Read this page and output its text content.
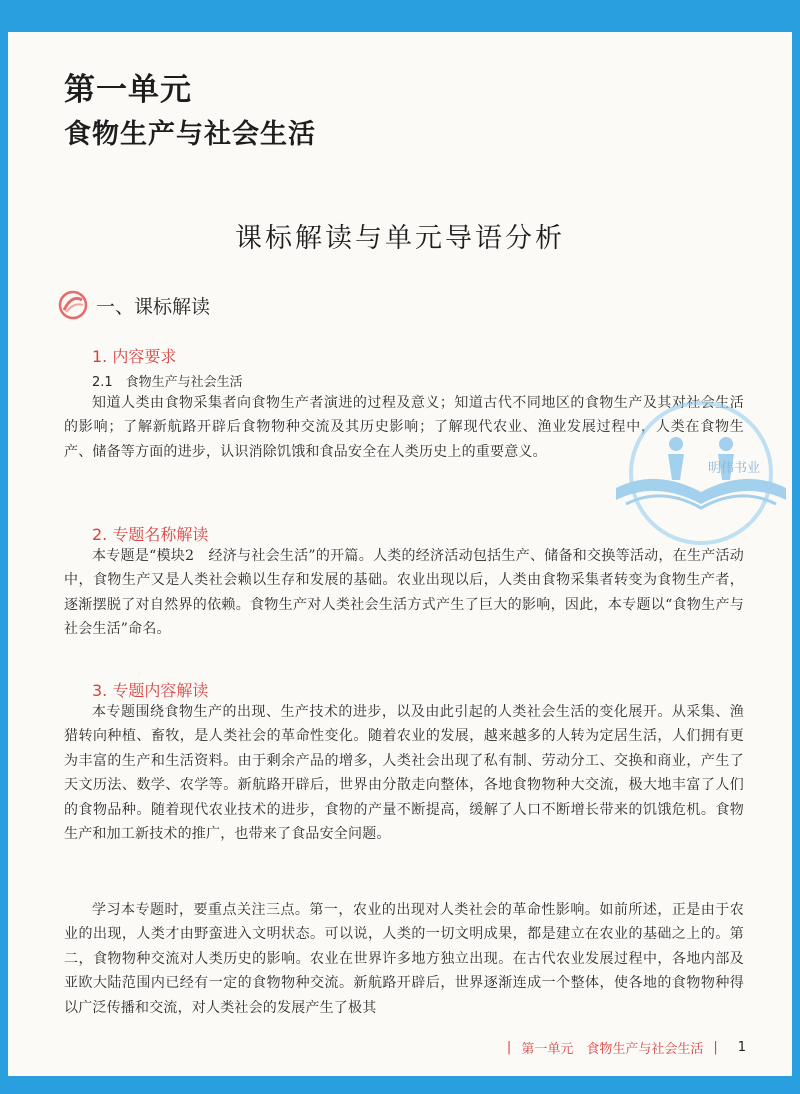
第一单元
食物生产与社会生活
课标解读与单元导语分析
一、课标解读
1. 内容要求
2.1　食物生产与社会生活

知道人类由食物采集者向食物生产者演进的过程及意义；知道古代不同地区的食物生产及其对社会生活的影响；了解新航路开辟后食物物种交流及其历史影响；了解现代农业、渔业发展过程中，人类在食物生产、储备等方面的进步，认识消除饥饿和食品安全在人类历史上的重要意义。

2. 专题名称解读

本专题是“模块2　经济与社会生活”的开篇。人类的经济活动包括生产、储备和交换等活动，在生产活动中，食物生产又是人类社会赖以生存和发展的基础。农业出现以后，人类由食物采集者转变为食物生产者，逐渐摆脱了对自然界的依赖。食物生产对人类社会生活方式产生了巨大的影响，因此，本专题以“食物生产与社会生活”命名。

3. 专题内容解读

本专题围绕食物生产的出现、生产技术的进步，以及由此引起的人类社会生活的变化展开。从采集、渔猎转向种植、畜牧，是人类社会的革命性变化。随着农业的发展，越来越多的人转为定居生活，人们拥有更为丰富的生产和生活资料。由于剩余产品的增多，人类社会出现了私有制、劳动分工、交换和商业，产生了天文历法、数学、农学等。新航路开辟后，世界由分散走向整体，各地食物物种大交流，极大地丰富了人们的食物品种。随着现代农业技术的进步，食物的产量不断提高，缓解了人口不断增长带来的饥饿危机。食物生产和加工新技术的推广，也带来了食品安全问题。

学习本专题时，要重点关注三点。第一，农业的出现对人类社会的革命性影响。如前所述，正是由于农业的出现，人类才由野蛮进入文明状态。可以说，人类的一切文明成果，都是建立在农业的基础之上的。第二，食物物种交流对人类历史的影响。农业在世界许多地方独立出现。在古代农业发展过程中，各地内部及亚欧大陆范围内已经有一定的食物物种交流。新航路开辟后，世界逐渐连成一个整体，使各地的食物物种得以广泛传播和交流，对人类社会的发展产生了极其

明伟书业
| 第一单元　食物生产与社会生活 | 1
